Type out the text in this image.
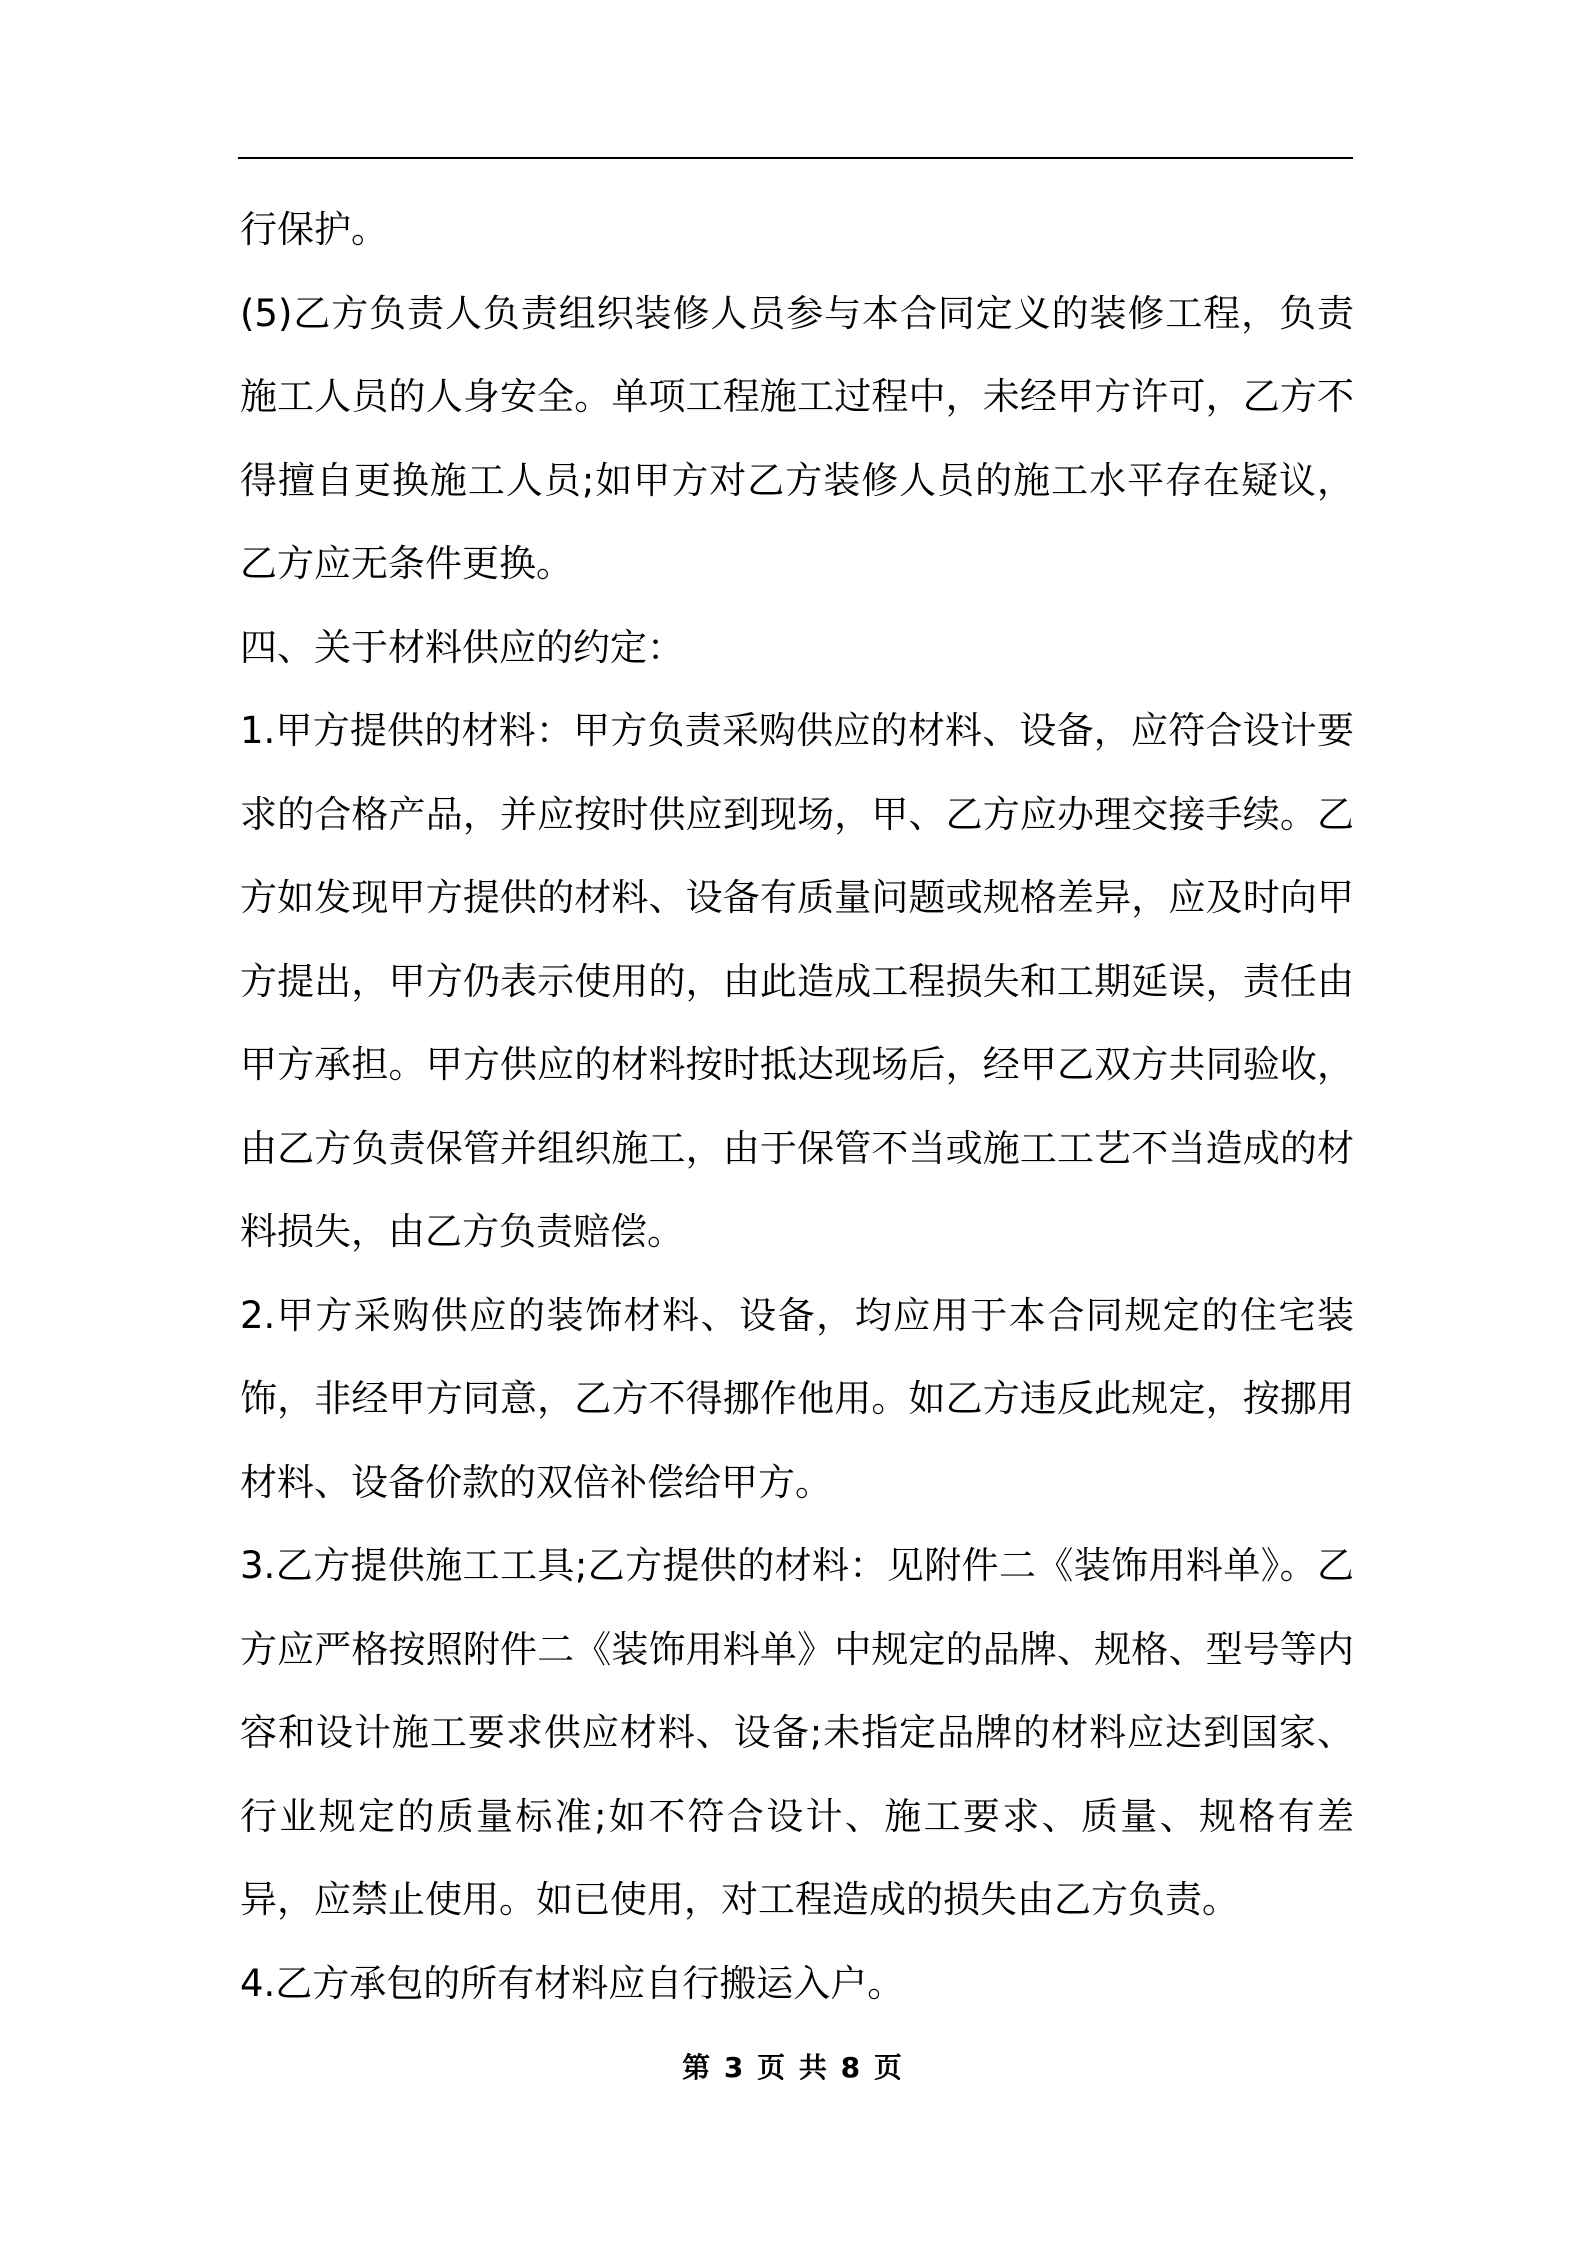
行保护。

(5)乙方负责人负责组织装修人员参与本合同定义的装修工程，负责施工人员的人身安全。单项工程施工过程中，未经甲方许可，乙方不得擅自更换施工人员;如甲方对乙方装修人员的施工水平存在疑议，乙方应无条件更换。

四、关于材料供应的约定：

1.甲方提供的材料：甲方负责采购供应的材料、设备，应符合设计要求的合格产品，并应按时供应到现场，甲、乙方应办理交接手续。乙方如发现甲方提供的材料、设备有质量问题或规格差异，应及时向甲方提出，甲方仍表示使用的，由此造成工程损失和工期延误，责任由甲方承担。甲方供应的材料按时抵达现场后，经甲乙双方共同验收，由乙方负责保管并组织施工，由于保管不当或施工工艺不当造成的材料损失，由乙方负责赔偿。

2.甲方采购供应的装饰材料、设备，均应用于本合同规定的住宅装饰，非经甲方同意，乙方不得挪作他用。如乙方违反此规定，按挪用材料、设备价款的双倍补偿给甲方。

3.乙方提供施工工具;乙方提供的材料：见附件二《装饰用料单》。乙方应严格按照附件二《装饰用料单》中规定的品牌、规格、型号等内容和设计施工要求供应材料、设备;未指定品牌的材料应达到国家、行业规定的质量标准;如不符合设计、施工要求、质量、规格有差异，应禁止使用。如已使用，对工程造成的损失由乙方负责。

4.乙方承包的所有材料应自行搬运入户。

第 3 页 共 8 页
